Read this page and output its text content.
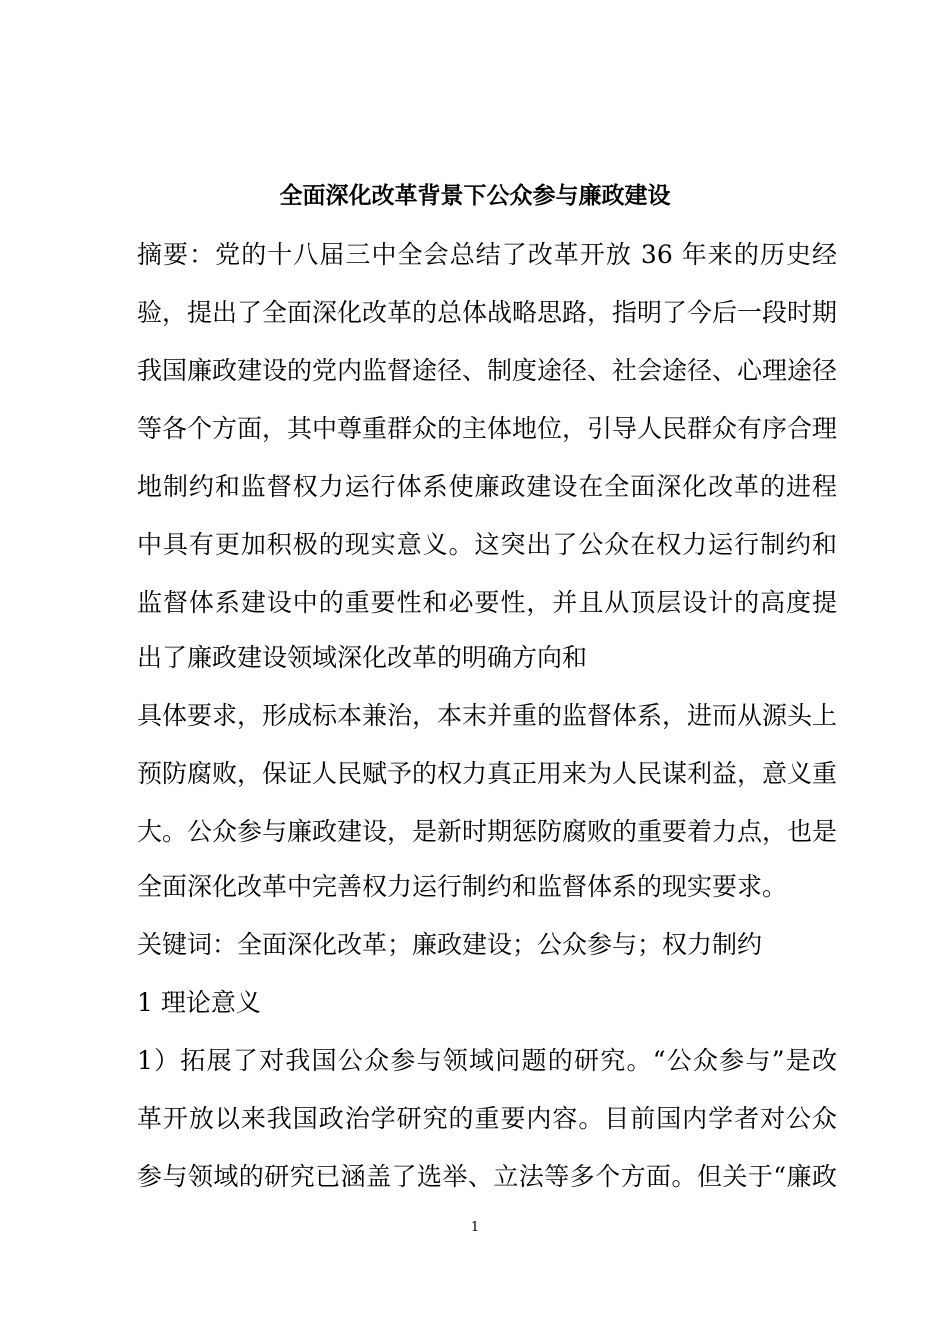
全面深化改革背景下公众参与廉政建设
摘要：党的十八届三中全会总结了改革开放 36 年来的历史经
验，提出了全面深化改革的总体战略思路，指明了今后一段时期
我国廉政建设的党内监督途径、制度途径、社会途径、心理途径
等各个方面，其中尊重群众的主体地位，引导人民群众有序合理
地制约和监督权力运行体系使廉政建设在全面深化改革的进程
中具有更加积极的现实意义。这突出了公众在权力运行制约和
监督体系建设中的重要性和必要性，并且从顶层设计的高度提
出了廉政建设领域深化改革的明确方向和
具体要求，形成标本兼治，本末并重的监督体系，进而从源头上
预防腐败，保证人民赋予的权力真正用来为人民谋利益，意义重
大。公众参与廉政建设，是新时期惩防腐败的重要着力点，也是
全面深化改革中完善权力运行制约和监督体系的现实要求。
关键词：全面深化改革；廉政建设；公众参与；权力制约
1 理论意义
1）拓展了对我国公众参与领域问题的研究。“公众参与”是改
革开放以来我国政治学研究的重要内容。目前国内学者对公众
参与领域的研究已涵盖了选举、立法等多个方面。但关于“廉政
1
